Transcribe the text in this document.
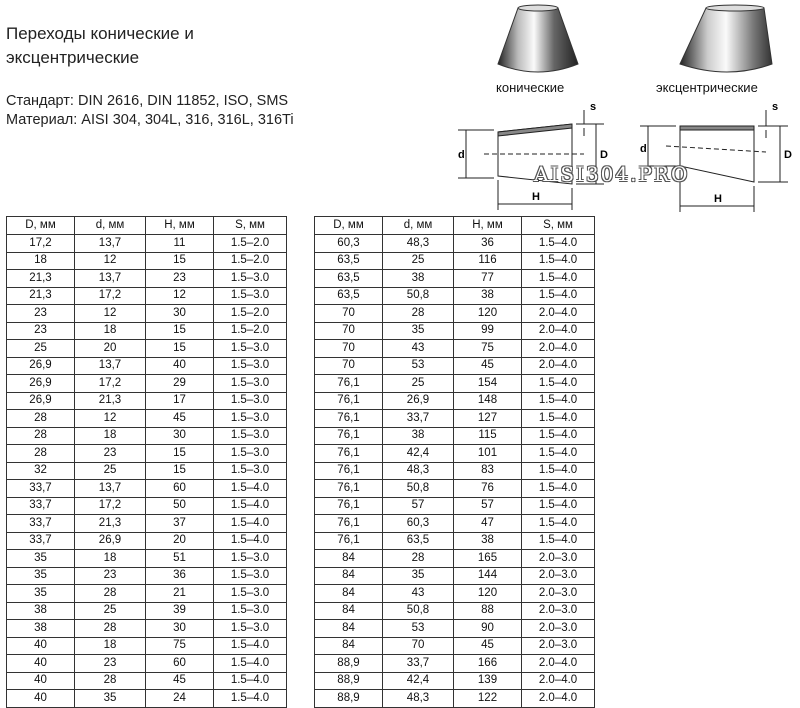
Переходы конические и эксцентрические
Стандарт: DIN 2616, DIN 11852, ISO, SMS
Материал: AISI 304, 304L, 316, 316L, 316Ti
конические	эксцентрические
d	D
H
s
d	D
H
s
AISI304.PRO
D, мм	d, мм	H, мм	S, мм
17,2	13,7	11	1.5–2.0
18	12	15	1.5–2.0
21,3	13,7	23	1.5–3.0
21,3	17,2	12	1.5–3.0
23	12	30	1.5–2.0
23	18	15	1.5–2.0
25	20	15	1.5–3.0
26,9	13,7	40	1.5–3.0
26,9	17,2	29	1.5–3.0
26,9	21,3	17	1.5–3.0
28	12	45	1.5–3.0
28	18	30	1.5–3.0
28	23	15	1.5–3.0
32	25	15	1.5–3.0
33,7	13,7	60	1.5–4.0
33,7	17,2	50	1.5–4.0
33,7	21,3	37	1.5–4.0
33,7	26,9	20	1.5–4.0
35	18	51	1.5–3.0
35	23	36	1.5–3.0
35	28	21	1.5–3.0
38	25	39	1.5–3.0
38	28	30	1.5–3.0
40	18	75	1.5–4.0
40	23	60	1.5–4.0
40	28	45	1.5–4.0
40	35	24	1.5–4.0
D, мм	d, мм	H, мм	S, мм
60,3	48,3	36	1.5–4.0
63,5	25	116	1.5–4.0
63,5	38	77	1.5–4.0
63,5	50,8	38	1.5–4.0
70	28	120	2.0–4.0
70	35	99	2.0–4.0
70	43	75	2.0–4.0
70	53	45	2.0–4.0
76,1	25	154	1.5–4.0
76,1	26,9	148	1.5–4.0
76,1	33,7	127	1.5–4.0
76,1	38	115	1.5–4.0
76,1	42,4	101	1.5–4.0
76,1	48,3	83	1.5–4.0
76,1	50,8	76	1.5–4.0
76,1	57	57	1.5–4.0
76,1	60,3	47	1.5–4.0
76,1	63,5	38	1.5–4.0
84	28	165	2.0–3.0
84	35	144	2.0–3.0
84	43	120	2.0–3.0
84	50,8	88	2.0–3.0
84	53	90	2.0–3.0
84	70	45	2.0–3.0
88,9	33,7	166	2.0–4.0
88,9	42,4	139	2.0–4.0
88,9	48,3	122	2.0–4.0
